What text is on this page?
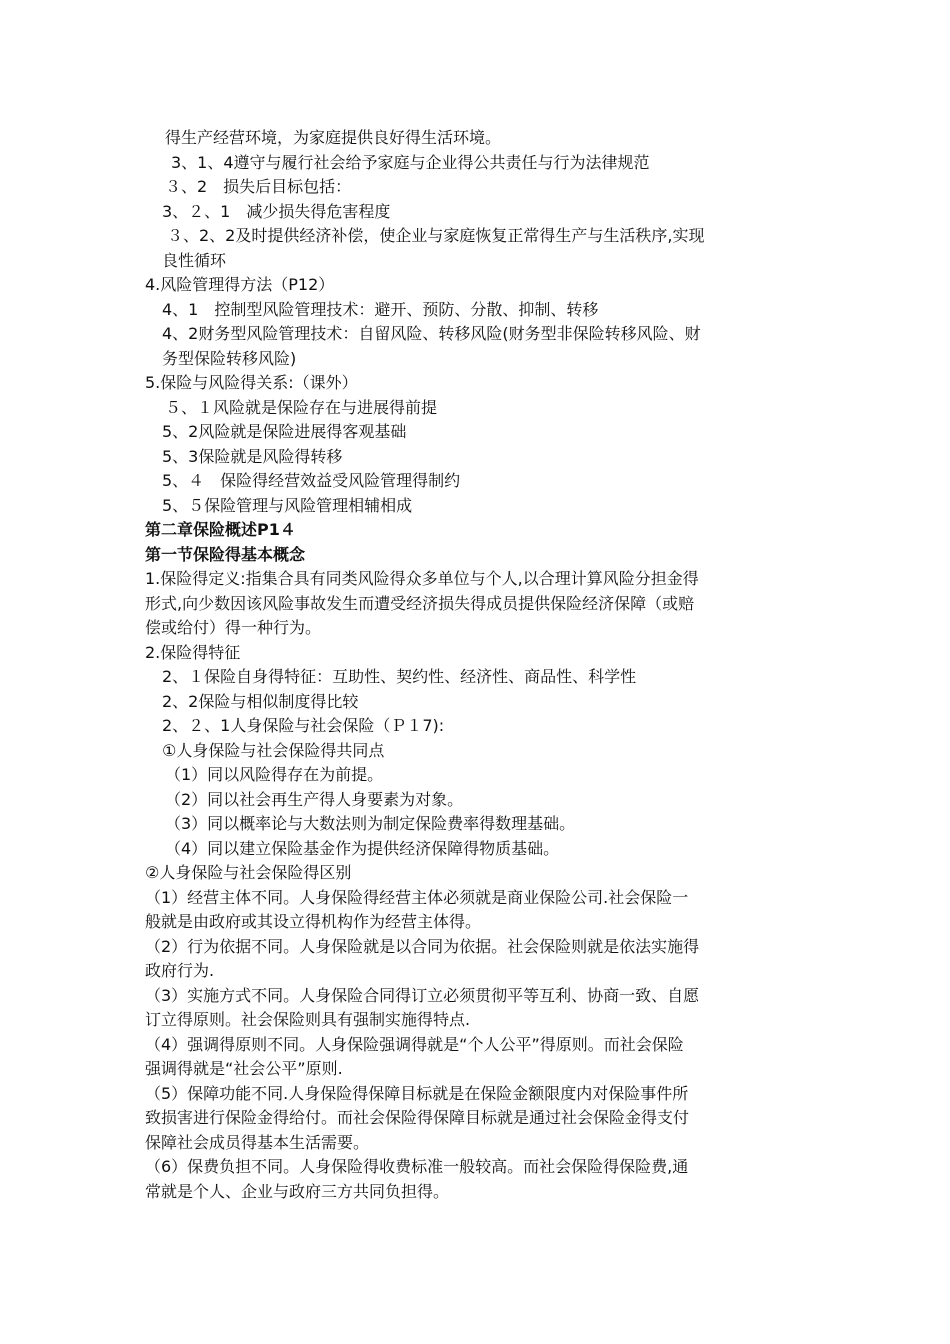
得生产经营环境，为家庭提供良好得生活环境。
3、1、4遵守与履行社会给予家庭与企业得公共责任与行为法律规范
３、2　损失后目标包括：
3、２、1　减少损失得危害程度
３、2、2及时提供经济补偿，使企业与家庭恢复正常得生产与生活秩序,实现
良性循环
4.风险管理得方法（P12）
4、1　控制型风险管理技术：避开、预防、分散、抑制、转移
4、2财务型风险管理技术：自留风险、转移风险(财务型非保险转移风险、财
务型保险转移风险)
5.保险与风险得关系:（课外）
５、１风险就是保险存在与进展得前提
5、2风险就是保险进展得客观基础
5、3保险就是风险得转移
5、４　保险得经营效益受风险管理得制约
5、５保险管理与风险管理相辅相成
第二章保险概述P1４
第一节保险得基本概念
1.保险得定义:指集合具有同类风险得众多单位与个人,以合理计算风险分担金得
形式,向少数因该风险事故发生而遭受经济损失得成员提供保险经济保障（或赔
偿或给付）得一种行为。
2.保险得特征
2、１保险自身得特征：互助性、契约性、经济性、商品性、科学性
2、2保险与相似制度得比较
2、２、1人身保险与社会保险（Ｐ１7):
①人身保险与社会保险得共同点
（1）同以风险得存在为前提。
（2）同以社会再生产得人身要素为对象。
（3）同以概率论与大数法则为制定保险费率得数理基础。
（4）同以建立保险基金作为提供经济保障得物质基础。
②人身保险与社会保险得区别
（1）经营主体不同。人身保险得经营主体必须就是商业保险公司.社会保险一
般就是由政府或其设立得机构作为经营主体得。
（2）行为依据不同。人身保险就是以合同为依据。社会保险则就是依法实施得
政府行为.
（3）实施方式不同。人身保险合同得订立必须贯彻平等互利、协商一致、自愿
订立得原则。社会保险则具有强制实施得特点.
（4）强调得原则不同。人身保险强调得就是“个人公平”得原则。而社会保险
强调得就是“社会公平”原则.
（5）保障功能不同.人身保险得保障目标就是在保险金额限度内对保险事件所
致损害进行保险金得给付。而社会保险得保障目标就是通过社会保险金得支付
保障社会成员得基本生活需要。
（6）保费负担不同。人身保险得收费标准一般较高。而社会保险得保险费,通
常就是个人、企业与政府三方共同负担得。
